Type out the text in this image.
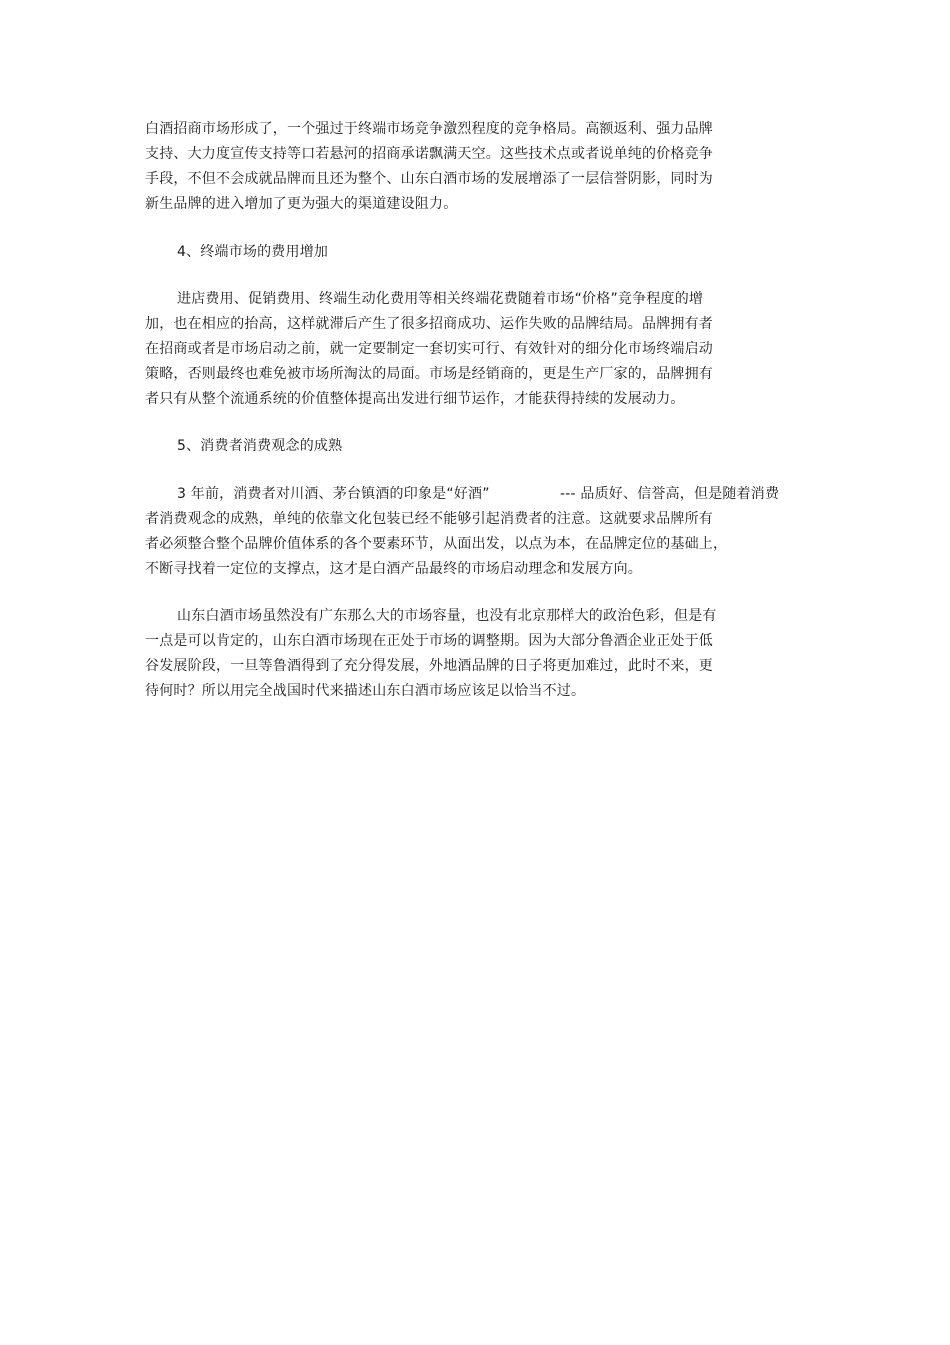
白酒招商市场形成了，一个强过于终端市场竞争激烈程度的竞争格局。高额返利、强力品牌
支持、大力度宣传支持等口若悬河的招商承诺飘满天空。这些技术点或者说单纯的价格竞争
手段，不但不会成就品牌而且还为整个、山东白酒市场的发展增添了一层信誉阴影，同时为
新生品牌的进入增加了更为强大的渠道建设阻力。
4、终端市场的费用增加
进店费用、促销费用、终端生动化费用等相关终端花费随着市场“价格”竞争程度的增
加，也在相应的抬高，这样就滞后产生了很多招商成功、运作失败的品牌结局。品牌拥有者
在招商或者是市场启动之前，就一定要制定一套切实可行、有效针对的细分化市场终端启动
策略，否则最终也难免被市场所淘汰的局面。市场是经销商的，更是生产厂家的，品牌拥有
者只有从整个流通系统的价值整体提高出发进行细节运作，才能获得持续的发展动力。
5、消费者消费观念的成熟
3 年前，消费者对川酒、茅台镇酒的印象是“好酒”	--- 品质好、信誉高，但是随着消费
者消费观念的成熟，单纯的依靠文化包装已经不能够引起消费者的注意。这就要求品牌所有
者必须整合整个品牌价值体系的各个要素环节，从面出发，以点为本，在品牌定位的基础上，
不断寻找着一定位的支撑点，这才是白酒产品最终的市场启动理念和发展方向。
山东白酒市场虽然没有广东那么大的市场容量，也没有北京那样大的政治色彩，但是有
一点是可以肯定的，山东白酒市场现在正处于市场的调整期。因为大部分鲁酒企业正处于低
谷发展阶段，一旦等鲁酒得到了充分得发展，外地酒品牌的日子将更加难过，此时不来，更
待何时？所以用完全战国时代来描述山东白酒市场应该足以恰当不过。
